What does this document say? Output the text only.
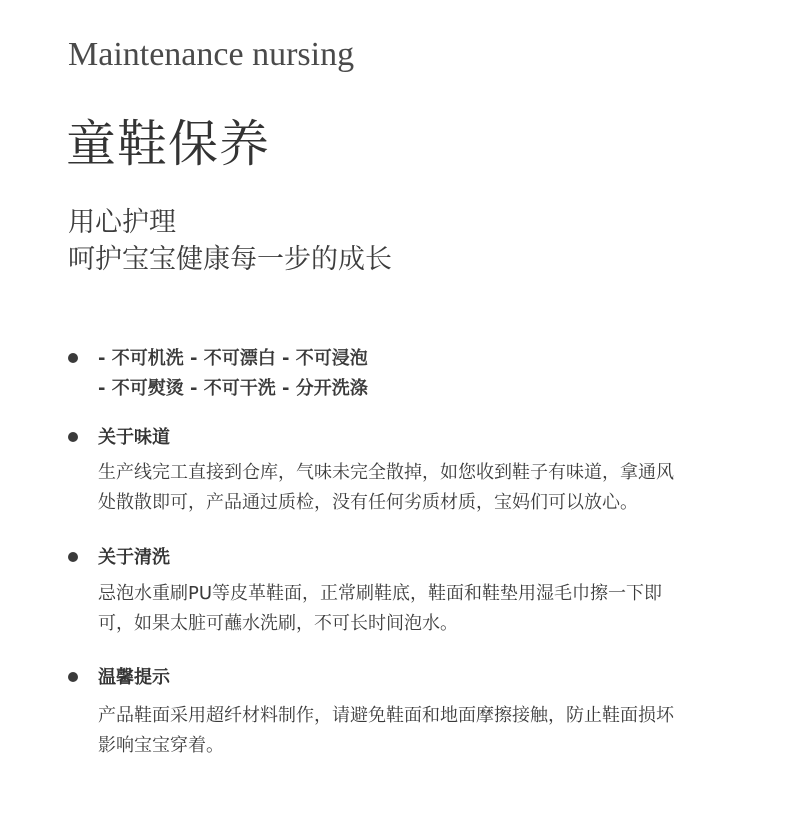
Maintenance nursing
童鞋保养
用心护理
呵护宝宝健康每一步的成长
- 不可机洗 - 不可漂白 - 不可浸泡
- 不可熨烫 - 不可干洗 - 分开洗涤
关于味道
生产线完工直接到仓库，气味未完全散掉，如您收到鞋子有味道，拿通风
处散散即可，产品通过质检，没有任何劣质材质，宝妈们可以放心。
关于清洗
忌泡水重刷PU等皮革鞋面，正常刷鞋底，鞋面和鞋垫用湿毛巾擦一下即
可，如果太脏可蘸水洗刷，不可长时间泡水。
温馨提示
产品鞋面采用超纤材料制作，请避免鞋面和地面摩擦接触，防止鞋面损坏
影响宝宝穿着。
